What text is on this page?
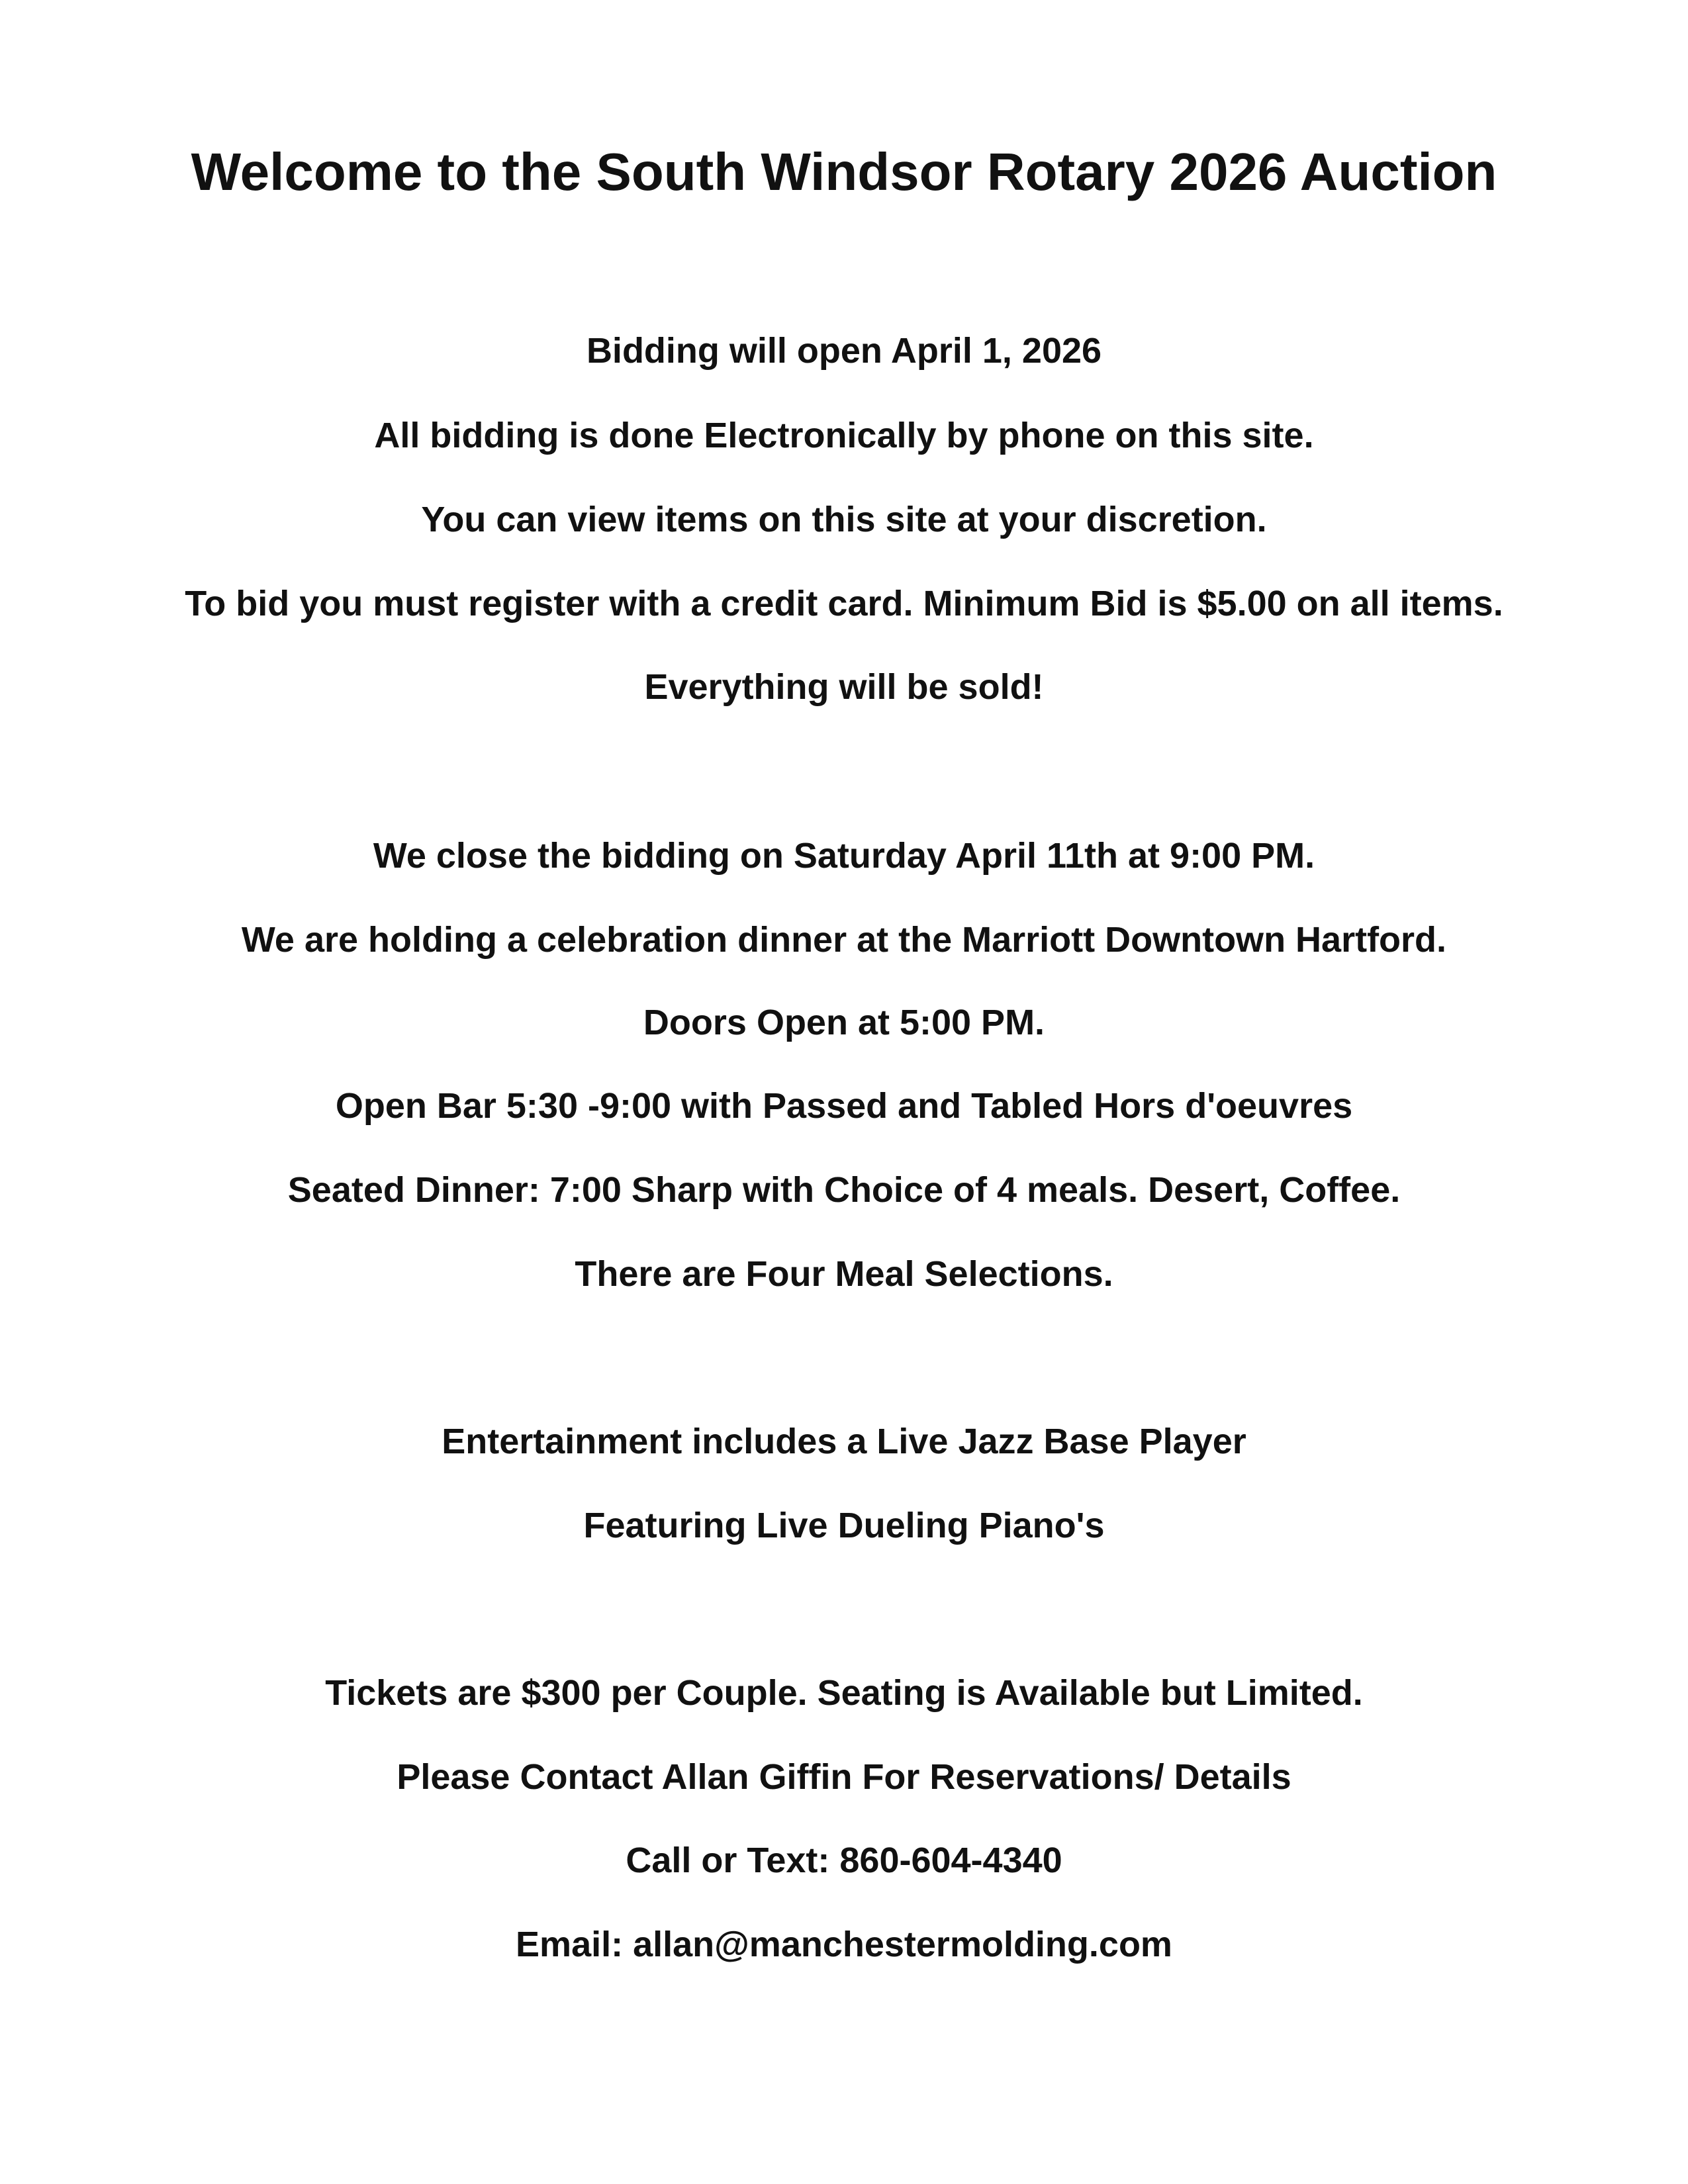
Welcome to the South Windsor Rotary 2026 Auction

Bidding will open April 1, 2026

All bidding is done Electronically by phone on this site.

You can view items on this site at your discretion.

To bid you must register with a credit card. Minimum Bid is $5.00 on all items.

Everything will be sold!

We close the bidding on Saturday April 11th at 9:00 PM.

We are holding a celebration dinner at the Marriott Downtown Hartford.

Doors Open at 5:00 PM.

Open Bar 5:30 -9:00 with Passed and Tabled Hors d'oeuvres

Seated Dinner: 7:00 Sharp with Choice of 4 meals. Desert, Coffee.

There are Four Meal Selections.

Entertainment includes a Live Jazz Base Player

Featuring Live Dueling Piano's

Tickets are $300 per Couple. Seating is Available but Limited.

Please Contact Allan Giffin For Reservations/ Details

Call or Text: 860-604-4340

Email: allan@manchestermolding.com
